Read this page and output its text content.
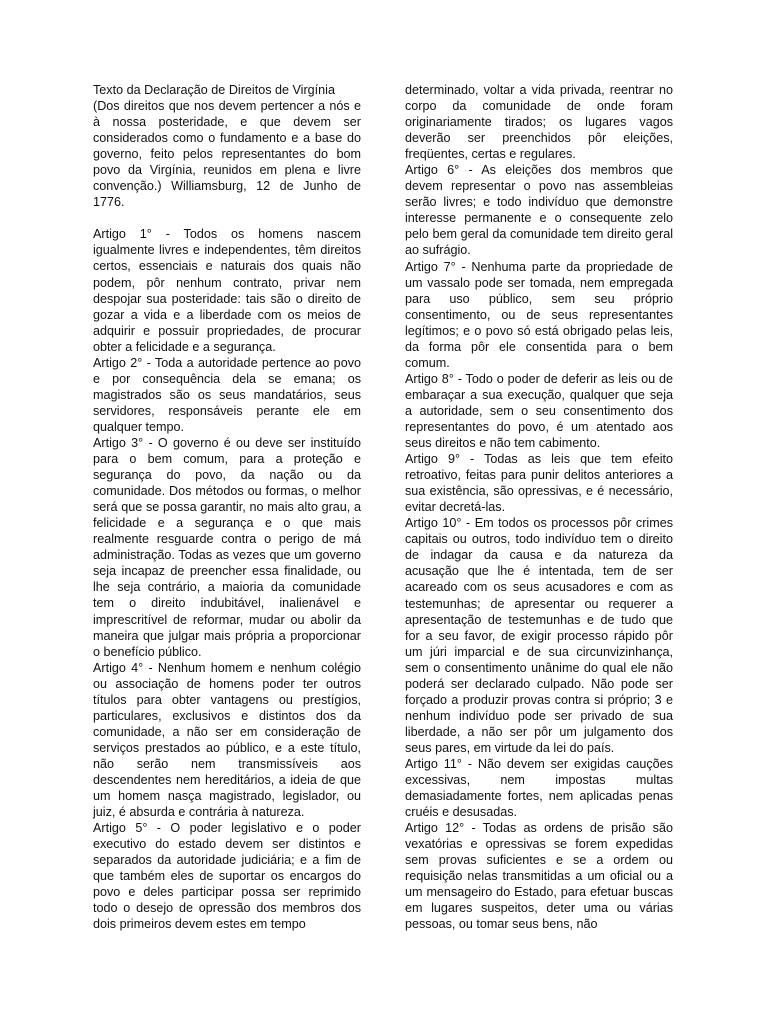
Texto da Declaração de Direitos de Virgínia

(Dos direitos que nos devem pertencer a nós e à nossa posteridade, e que devem ser considerados como o fundamento e a base do governo, feito pelos representantes do bom povo da Virgínia, reunidos em plena e livre convenção.) Williamsburg, 12 de Junho de 1776.

Artigo 1° - Todos os homens nascem igualmente livres e independentes, têm direitos certos, essenciais e naturais dos quais não podem, pôr nenhum contrato, privar nem despojar sua posteridade: tais são o direito de gozar a vida e a liberdade com os meios de adquirir e possuir propriedades, de procurar obter a felicidade e a segurança.

Artigo 2° - Toda a autoridade pertence ao povo e por consequência dela se emana; os magistrados são os seus mandatários, seus servidores, responsáveis perante ele em qualquer tempo.

Artigo 3° - O governo é ou deve ser instituído para o bem comum, para a proteção e segurança do povo, da nação ou da comunidade. Dos métodos ou formas, o melhor será que se possa garantir, no mais alto grau, a felicidade e a segurança e o que mais realmente resguarde contra o perigo de má administração. Todas as vezes que um governo seja incapaz de preencher essa finalidade, ou lhe seja contrário, a maioria da comunidade tem o direito indubitável, inalienável e imprescritível de reformar, mudar ou abolir da maneira que julgar mais própria a proporcionar o benefício público.

Artigo 4° - Nenhum homem e nenhum colégio ou associação de homens poder ter outros títulos para obter vantagens ou prestígios, particulares, exclusivos e distintos dos da comunidade, a não ser em consideração de serviços prestados ao público, e a este título, não serão nem transmissíveis aos descendentes nem hereditários, a ideia de que um homem nasça magistrado, legislador, ou juiz, é absurda e contrária à natureza.

Artigo 5° - O poder legislativo e o poder executivo do estado devem ser distintos e separados da autoridade judiciária; e a fim de que também eles de suportar os encargos do povo e deles participar possa ser reprimido todo o desejo de opressão dos membros dos dois primeiros devem estes em tempo

determinado, voltar a vida privada, reentrar no corpo da comunidade de onde foram originariamente tirados; os lugares vagos deverão ser preenchidos pôr eleições, freqüentes, certas e regulares.

Artigo 6° - As eleições dos membros que devem representar o povo nas assembleias serão livres; e todo indivíduo que demonstre interesse permanente e o consequente zelo pelo bem geral da comunidade tem direito geral ao sufrágio.

Artigo 7° - Nenhuma parte da propriedade de um vassalo pode ser tomada, nem empregada para uso público, sem seu próprio consentimento, ou de seus representantes legítimos; e o povo só está obrigado pelas leis, da forma pôr ele consentida para o bem comum.

Artigo 8° - Todo o poder de deferir as leis ou de embaraçar a sua execução, qualquer que seja a autoridade, sem o seu consentimento dos representantes do povo, é um atentado aos seus direitos e não tem cabimento.

Artigo 9° - Todas as leis que tem efeito retroativo, feitas para punir delitos anteriores a sua existência, são opressivas, e é necessário, evitar decretá-las.

Artigo 10° - Em todos os processos pôr crimes capitais ou outros, todo indivíduo tem o direito de indagar da causa e da natureza da acusação que lhe é intentada, tem de ser acareado com os seus acusadores e com as testemunhas; de apresentar ou requerer a apresentação de testemunhas e de tudo que for a seu favor, de exigir processo rápido pôr um júri imparcial e de sua circunvizinhança, sem o consentimento unânime do qual ele não poderá ser declarado culpado. Não pode ser forçado a produzir provas contra si próprio; 3 e nenhum indivíduo pode ser privado de sua liberdade, a não ser pôr um julgamento dos seus pares, em virtude da lei do país.

Artigo 11° - Não devem ser exigidas cauções excessivas, nem impostas multas demasiadamente fortes, nem aplicadas penas cruéis e desusadas.

Artigo 12° - Todas as ordens de prisão são vexatórias e opressivas se forem expedidas sem provas suficientes e se a ordem ou requisição nelas transmitidas a um oficial ou a um mensageiro do Estado, para efetuar buscas em lugares suspeitos, deter uma ou várias pessoas, ou tomar seus bens, não
